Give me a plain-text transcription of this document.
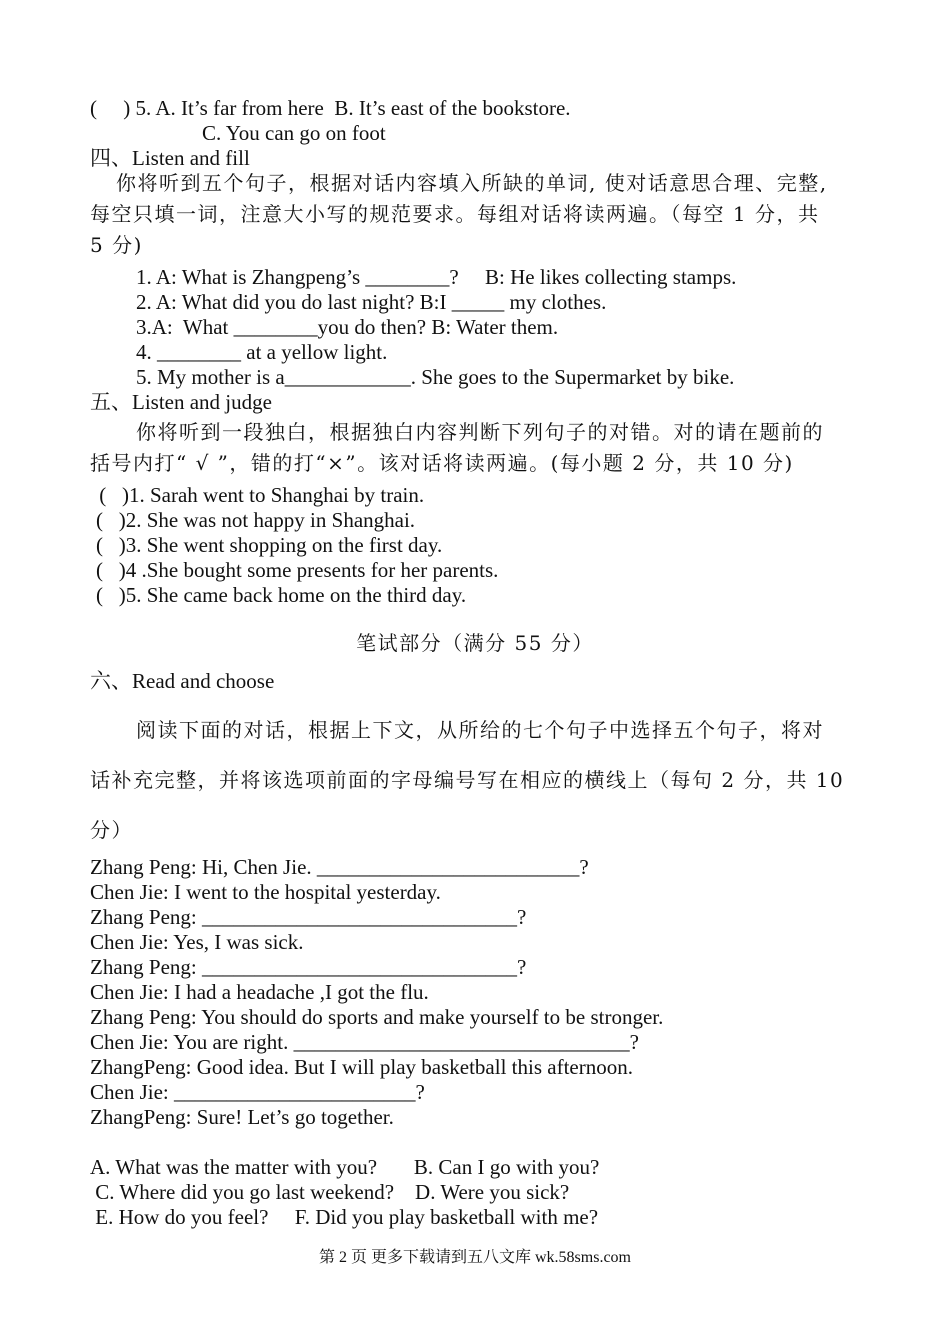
(     ) 5. A. It’s far from here  B. It’s east of the bookstore.
C. You can go on foot
四、Listen and fill
你将听到五个句子，根据对话内容填入所缺的单词, 使对话意思合理、完整,
每空只填一词，注意大小写的规范要求。每组对话将读两遍。（每空 1 分，共
5 分)
1. A: What is Zhangpeng’s ________?     B: He likes collecting stamps.
2. A: What did you do last night? B:I _____ my clothes.
3.A:  What ________you do then? B: Water them.
4. ________ at a yellow light.
5. My mother is a____________. She goes to the Supermarket by bike.
五、Listen and judge
你将听到一段独白，根据独白内容判断下列句子的对错。对的请在题前的
括号内打“ √ ”，错的打“×”。该对话将读两遍。(每小题 2 分，共 10 分)
(   )1. Sarah went to Shanghai by train.
(   )2. She was not happy in Shanghai.
(   )3. She went shopping on the first day.
(   )4 .She bought some presents for her parents.
(   )5. She came back home on the third day.
笔试部分（满分 55 分）
六、Read and choose
阅读下面的对话，根据上下文，从所给的七个句子中选择五个句子，将对
话补充完整，并将该选项前面的字母编号写在相应的横线上（每句 2 分，共 10
分）
Zhang Peng: Hi, Chen Jie. _________________________?
Chen Jie: I went to the hospital yesterday.
Zhang Peng: ______________________________?
Chen Jie: Yes, I was sick.
Zhang Peng: ______________________________?
Chen Jie: I had a headache ,I got the flu.
Zhang Peng: You should do sports and make yourself to be stronger.
Chen Jie: You are right. ________________________________?
ZhangPeng: Good idea. But I will play basketball this afternoon.
Chen Jie: _______________________?
ZhangPeng: Sure! Let’s go together.
A. What was the matter with you?       B. Can I go with you?
C. Where did you go last weekend?    D. Were you sick?
E. How do you feel?     F. Did you play basketball with me?
第 2 页 更多下载请到五八文库 wk.58sms.com
